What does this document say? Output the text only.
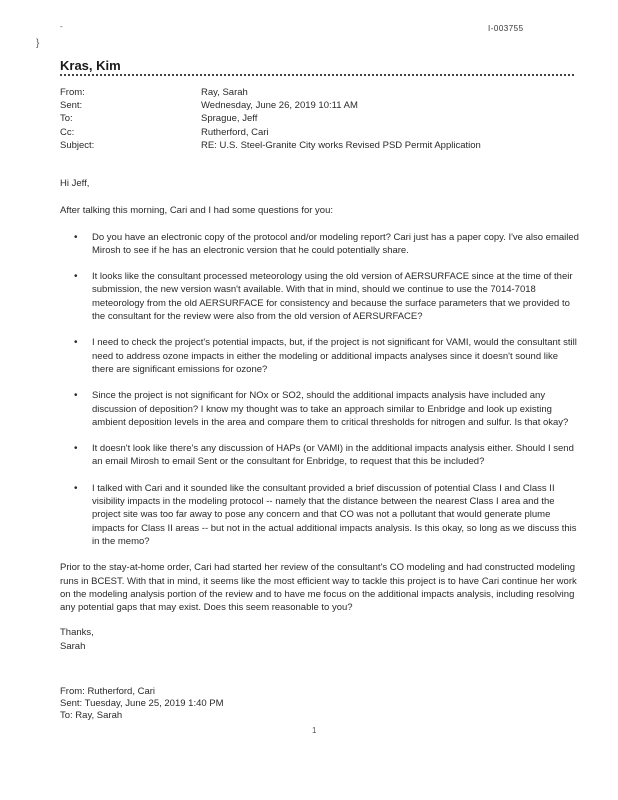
-	I-003755
}
Kras, Kim
From:	Ray, Sarah
Sent:	Wednesday, June 26, 2019 10:11 AM
To:	Sprague, Jeff
Cc:	Rutherford, Cari
Subject:	RE: U.S. Steel-Granite City works Revised PSD Permit Application

Hi Jeff,

After talking this morning, Cari and I had some questions for you:

• Do you have an electronic copy of the protocol and/or modeling report? Cari just has a paper copy. I've also emailed Mirosh to see if he has an electronic version that he could potentially share.
• It looks like the consultant processed meteorology using the old version of AERSURFACE since at the time of their submission, the new version wasn't available. With that in mind, should we continue to use the 7014-7018 meteorology from the old AERSURFACE for consistency and because the surface parameters that we provided to the consultant for the review were also from the old version of AERSURFACE?
• I need to check the project's potential impacts, but, if the project is not significant for VAMI, would the consultant still need to address ozone impacts in either the modeling or additional impacts analyses since it doesn't sound like there are significant emissions for ozone?
• Since the project is not significant for NOx or SO2, should the additional impacts analysis have included any discussion of deposition? I know my thought was to take an approach similar to Enbridge and look up existing ambient deposition levels in the area and compare them to critical thresholds for nitrogen and sulfur. Is that okay?
• It doesn't look like there's any discussion of HAPs (or VAMI) in the additional impacts analysis either. Should I send an email Mirosh to email Sent or the consultant for Enbridge, to request that this be included?
• I talked with Cari and it sounded like the consultant provided a brief discussion of potential Class I and Class II visibility impacts in the modeling protocol -- namely that the distance between the nearest Class I area and the project site was too far away to pose any concern and that CO was not a pollutant that would generate plume impacts for Class II areas -- but not in the actual additional impacts analysis. Is this okay, so long as we discuss this in the memo?

Prior to the stay-at-home order, Cari had started her review of the consultant's CO modeling and had constructed modeling runs in BCEST. With that in mind, it seems like the most efficient way to tackle this project is to have Cari continue her work on the modeling analysis portion of the review and to have me focus on the additional impacts analysis, including resolving any potential gaps that may exist. Does this seem reasonable to you?

Thanks,

Sarah

From: Rutherford, Cari
Sent: Tuesday, June 25, 2019 1:40 PM
To: Ray, Sarah
1
